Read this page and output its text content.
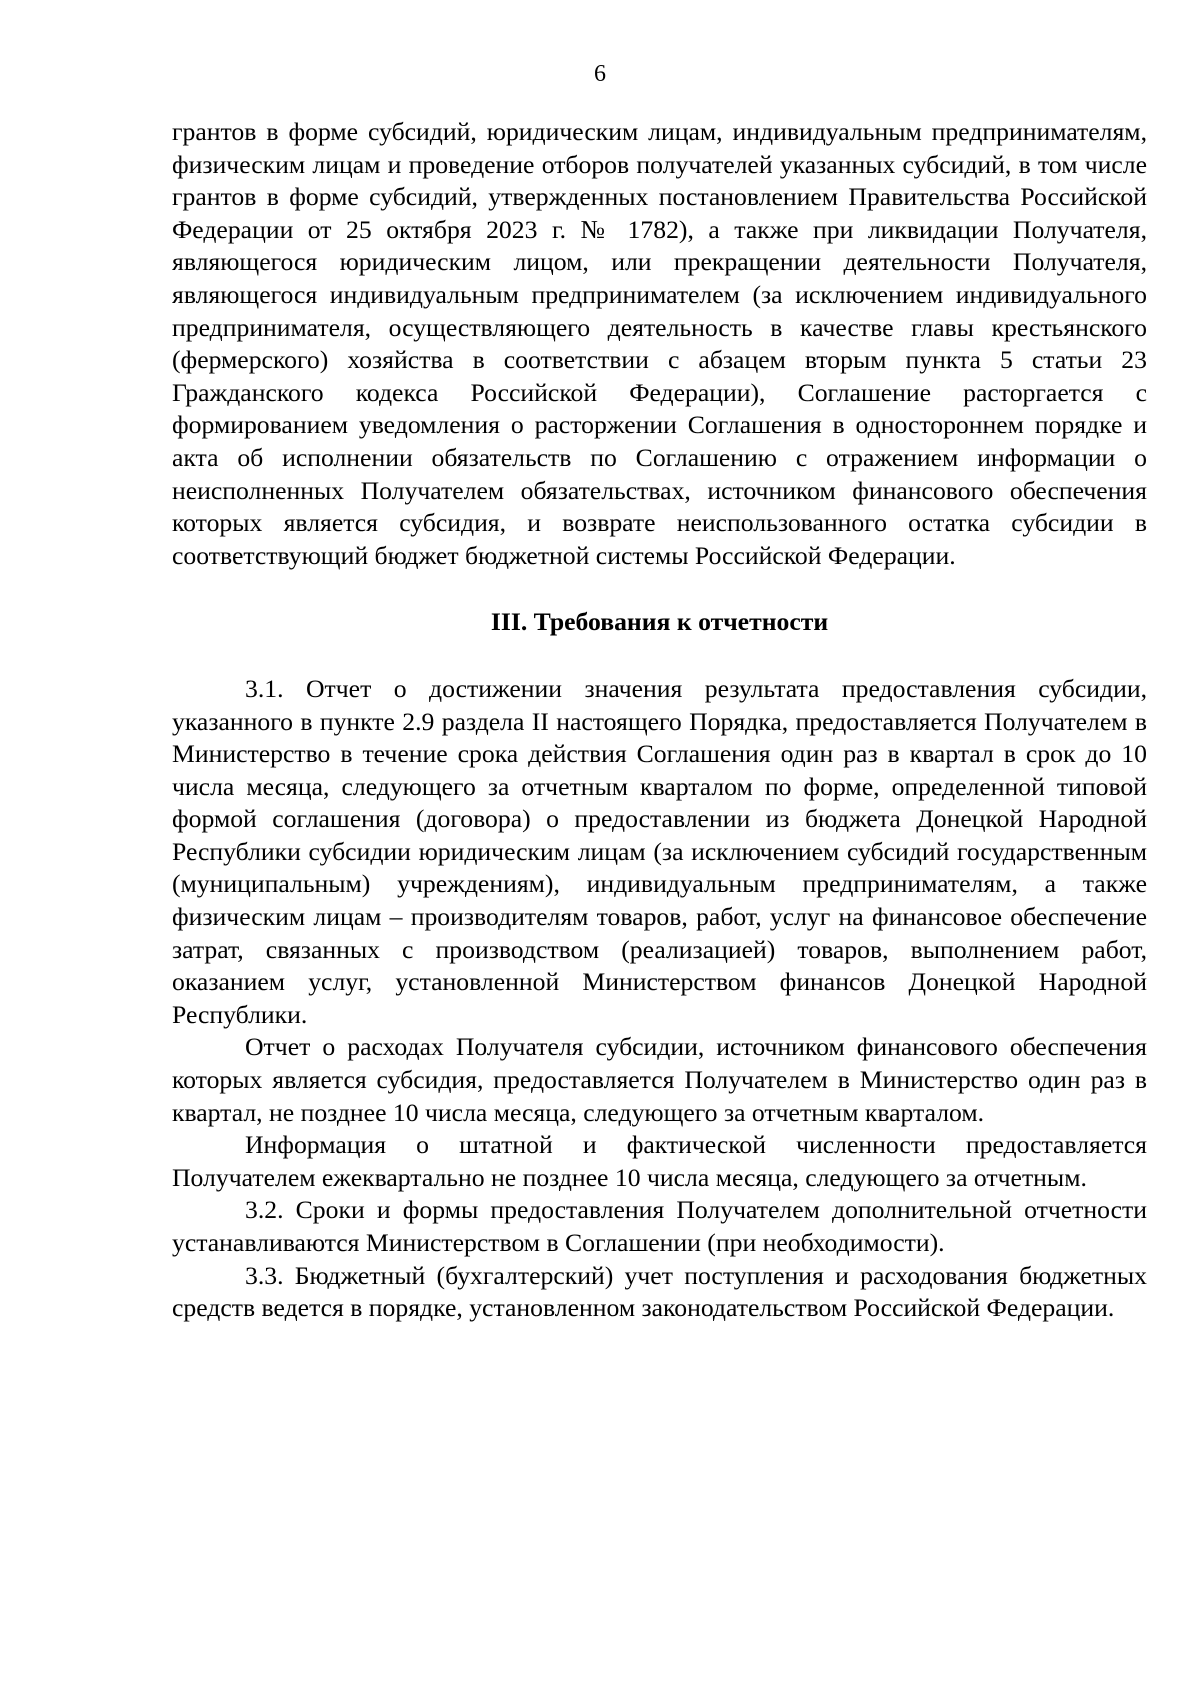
6

грантов в форме субсидий, юридическим лицам, индивидуальным предпринимателям, физическим лицам и проведение отборов получателей указанных субсидий, в том числе грантов в форме субсидий, утвержденных постановлением Правительства Российской Федерации от 25 октября 2023 г. № 1782), а также при ликвидации Получателя, являющегося юридическим лицом, или прекращении деятельности Получателя, являющегося индивидуальным предпринимателем (за исключением индивидуального предпринимателя, осуществляющего деятельность в качестве главы крестьянского (фермерского) хозяйства в соответствии с абзацем вторым пункта 5 статьи 23 Гражданского кодекса Российской Федерации), Соглашение расторгается с формированием уведомления о расторжении Соглашения в одностороннем порядке и акта об исполнении обязательств по Соглашению с отражением информации о неисполненных Получателем обязательствах, источником финансового обеспечения которых является субсидия, и возврате неиспользованного остатка субсидии в соответствующий бюджет бюджетной системы Российской Федерации.

III. Требования к отчетности

3.1. Отчет о достижении значения результата предоставления субсидии, указанного в пункте 2.9 раздела II настоящего Порядка, предоставляется Получателем в Министерство в течение срока действия Соглашения один раз в квартал в срок до 10 числа месяца, следующего за отчетным кварталом по форме, определенной типовой формой соглашения (договора) о предоставлении из бюджета Донецкой Народной Республики субсидии юридическим лицам (за исключением субсидий государственным (муниципальным) учреждениям), индивидуальным предпринимателям, а также физическим лицам – производителям товаров, работ, услуг на финансовое обеспечение затрат, связанных с производством (реализацией) товаров, выполнением работ, оказанием услуг, установленной Министерством финансов Донецкой Народной Республики.

Отчет о расходах Получателя субсидии, источником финансового обеспечения которых является субсидия, предоставляется Получателем в Министерство один раз в квартал, не позднее 10 числа месяца, следующего за отчетным кварталом.

Информация о штатной и фактической численности предоставляется Получателем ежеквартально не позднее 10 числа месяца, следующего за отчетным.

3.2. Сроки и формы предоставления Получателем дополнительной отчетности устанавливаются Министерством в Соглашении (при необходимости).

3.3. Бюджетный (бухгалтерский) учет поступления и расходования бюджетных средств ведется в порядке, установленном законодательством Российской Федерации.
